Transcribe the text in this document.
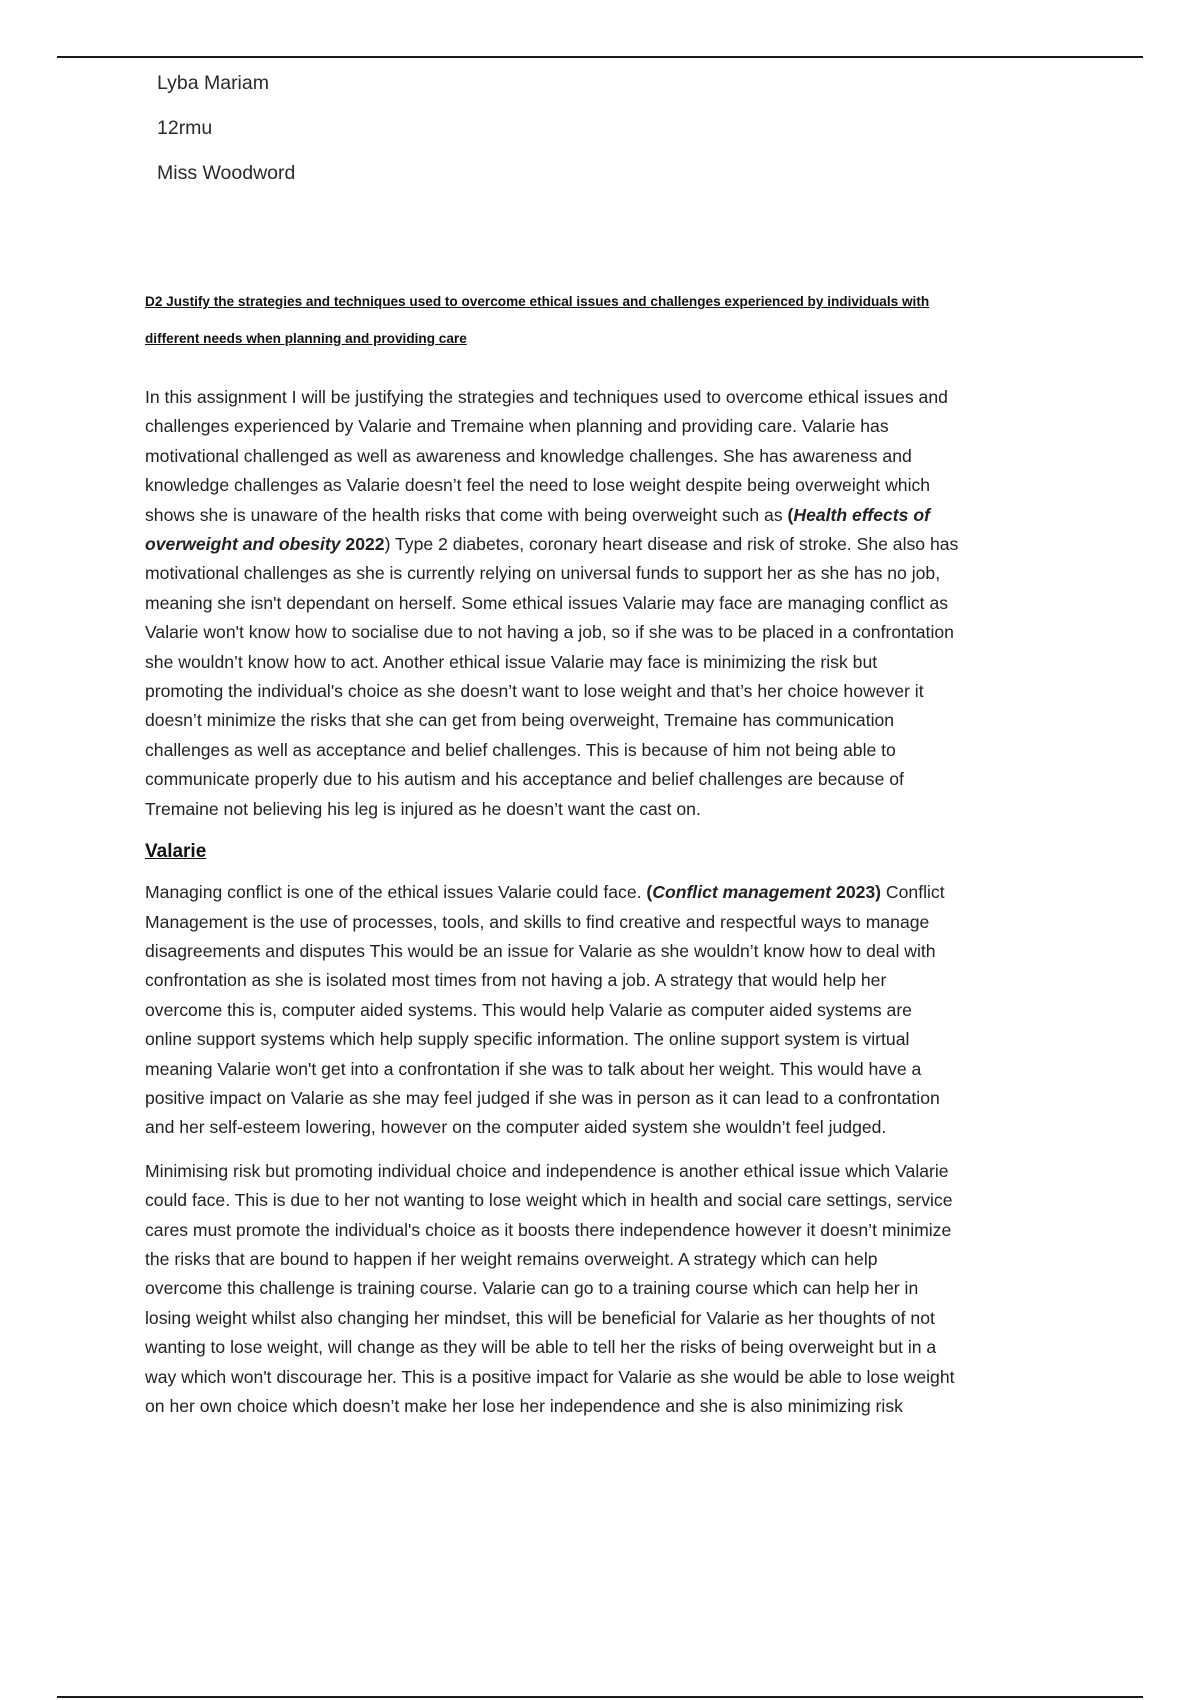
Lyba Mariam
12rmu
Miss Woodword
D2 Justify the strategies and techniques used to overcome ethical issues and challenges experienced by individuals with
different needs when planning and providing care
In this assignment I will be justifying the strategies and techniques used to overcome ethical issues and
challenges experienced by Valarie and Tremaine when planning and providing care. Valarie has
motivational challenged as well as awareness and knowledge challenges. She has awareness and
knowledge challenges as Valarie doesn’t feel the need to lose weight despite being overweight which
shows she is unaware of the health risks that come with being overweight such as (Health effects of
overweight and obesity 2022) Type 2 diabetes, coronary heart disease and risk of stroke. She also has
motivational challenges as she is currently relying on universal funds to support her as she has no job,
meaning she isn't dependant on herself. Some ethical issues Valarie may face are managing conflict as
Valarie won't know how to socialise due to not having a job, so if she was to be placed in a confrontation
she wouldn’t know how to act. Another ethical issue Valarie may face is minimizing the risk but
promoting the individual's choice as she doesn’t want to lose weight and that’s her choice however it
doesn’t minimize the risks that she can get from being overweight, Tremaine has communication
challenges as well as acceptance and belief challenges. This is because of him not being able to
communicate properly due to his autism and his acceptance and belief challenges are because of
Tremaine not believing his leg is injured as he doesn’t want the cast on.
Valarie
Managing conflict is one of the ethical issues Valarie could face. (Conflict management 2023) Conflict
Management is the use of processes, tools, and skills to find creative and respectful ways to manage
disagreements and disputes This would be an issue for Valarie as she wouldn’t know how to deal with
confrontation as she is isolated most times from not having a job. A strategy that would help her
overcome this is, computer aided systems. This would help Valarie as computer aided systems are
online support systems which help supply specific information. The online support system is virtual
meaning Valarie won't get into a confrontation if she was to talk about her weight. This would have a
positive impact on Valarie as she may feel judged if she was in person as it can lead to a confrontation
and her self-esteem lowering, however on the computer aided system she wouldn’t feel judged.
Minimising risk but promoting individual choice and independence is another ethical issue which Valarie
could face. This is due to her not wanting to lose weight which in health and social care settings, service
cares must promote the individual's choice as it boosts there independence however it doesn’t minimize
the risks that are bound to happen if her weight remains overweight. A strategy which can help
overcome this challenge is training course. Valarie can go to a training course which can help her in
losing weight whilst also changing her mindset, this will be beneficial for Valarie as her thoughts of not
wanting to lose weight, will change as they will be able to tell her the risks of being overweight but in a
way which won't discourage her. This is a positive impact for Valarie as she would be able to lose weight
on her own choice which doesn’t make her lose her independence and she is also minimizing risk
